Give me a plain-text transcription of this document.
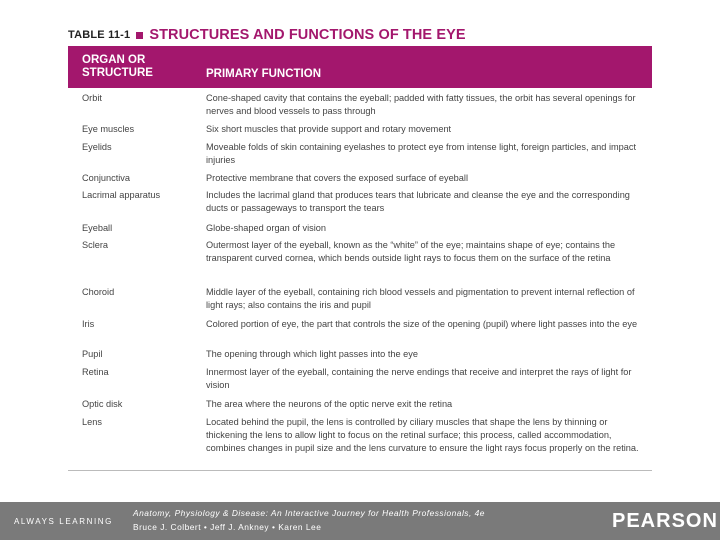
TABLE 11-1 STRUCTURES AND FUNCTIONS OF THE EYE
ORGAN OR
STRUCTURE	PRIMARY FUNCTION
Orbit	Cone-shaped cavity that contains the eyeball; padded with fatty tissues, the orbit has several openings for nerves and blood vessels to pass through
Eye muscles	Six short muscles that provide support and rotary movement
Eyelids	Moveable folds of skin containing eyelashes to protect eye from intense light, foreign particles, and impact injuries
Conjunctiva	Protective membrane that covers the exposed surface of eyeball
Lacrimal apparatus	Includes the lacrimal gland that produces tears that lubricate and cleanse the eye and the corresponding ducts or passageways to transport the tears
Eyeball	Globe-shaped organ of vision
Sclera	Outermost layer of the eyeball, known as the “white” of the eye; maintains shape of eye; contains the transparent curved cornea, which bends outside light rays to focus them on the surface of the retina
Choroid	Middle layer of the eyeball, containing rich blood vessels and pigmentation to prevent internal reflection of light rays; also contains the iris and pupil
Iris	Colored portion of eye, the part that controls the size of the opening (pupil) where light passes into the eye
Pupil	The opening through which light passes into the eye
Retina	Innermost layer of the eyeball, containing the nerve endings that receive and interpret the rays of light for vision
Optic disk	The area where the neurons of the optic nerve exit the retina
Lens	Located behind the pupil, the lens is controlled by ciliary muscles that shape the lens by thinning or thickening the lens to allow light to focus on the retinal surface; this process, called accommodation, combines changes in pupil size and the lens curvature to ensure the light rays focus properly on the retina.
ALWAYS LEARNING
Anatomy, Physiology & Disease: An Interactive Journey for Health Professionals, 4e
Bruce J. Colbert • Jeff J. Ankney • Karen Lee	PEARSON
